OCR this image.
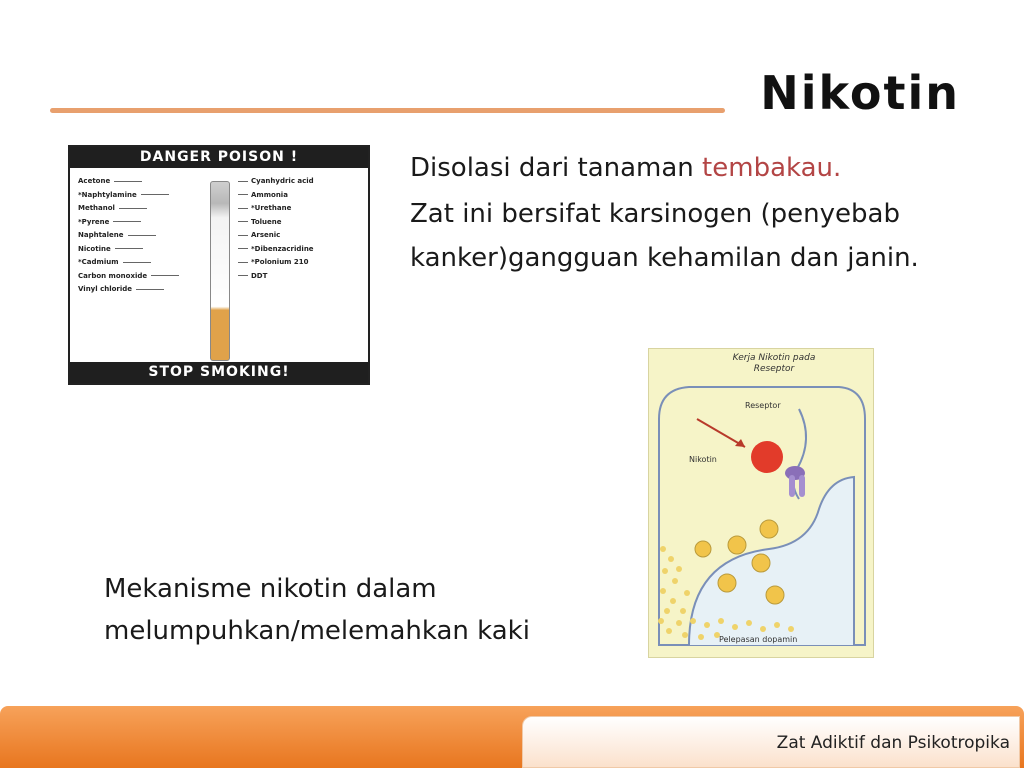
Nikotin
DANGER POISON !
Acetone
*Naphtylamine
Methanol
*Pyrene
Naphtalene
Nicotine
*Cadmium
Carbon monoxide
Vinyl chloride
Cyanhydric acid
Ammonia
*Urethane
Toluene
Arsenic
*Dibenzacridine
*Polonium 210
DDT
STOP SMOKING!

Disolasi dari tanaman tembakau.

Zat ini bersifat karsinogen (penyebab kanker)gangguan kehamilan dan janin.

Kerja Nikotin pada Reseptor
Reseptor
Nikotin
Pelepasan dopamin
Mekanisme nikotin dalam melumpuhkan/melemahkan kaki
Zat Adiktif dan Psikotropika
